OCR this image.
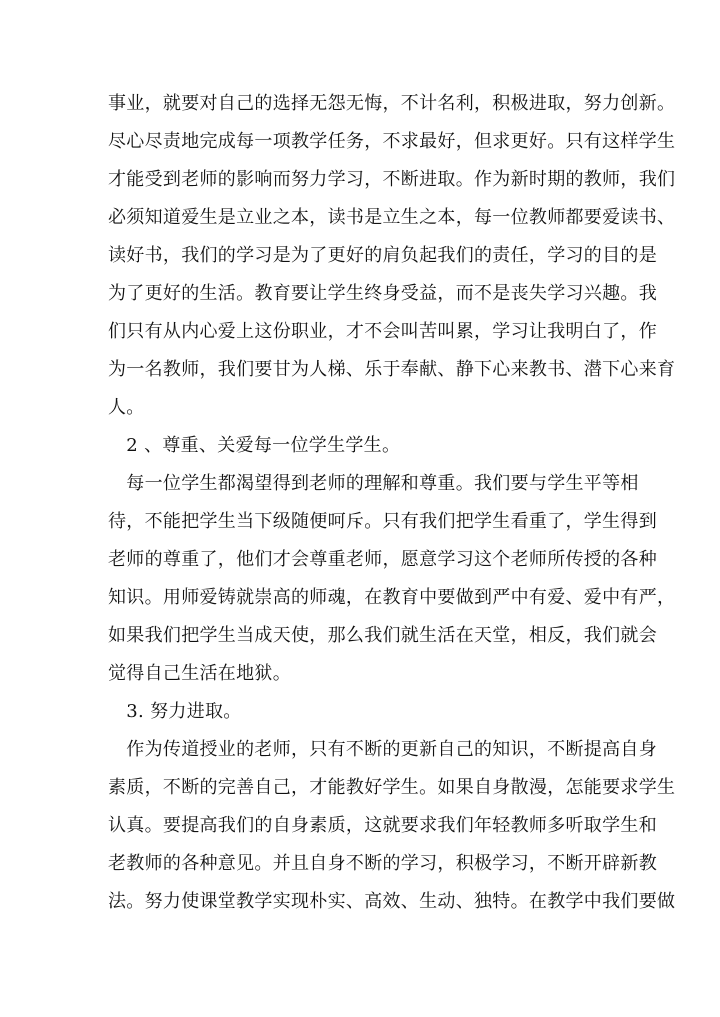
事业，就要对自己的选择无怨无悔，不计名利，积极进取，努力创新。
尽心尽责地完成每一项教学任务，不求最好，但求更好。只有这样学生
才能受到老师的影响而努力学习，不断进取。作为新时期的教师，我们
必须知道爱生是立业之本，读书是立生之本，每一位教师都要爱读书、
读好书，我们的学习是为了更好的肩负起我们的责任，学习的目的是
为了更好的生活。教育要让学生终身受益，而不是丧失学习兴趣。我
们只有从内心爱上这份职业，才不会叫苦叫累，学习让我明白了，作
为一名教师，我们要甘为人梯、乐于奉献、静下心来教书、潜下心来育
人。
　2 、尊重、关爱每一位学生学生。
　每一位学生都渴望得到老师的理解和尊重。我们要与学生平等相
待，不能把学生当下级随便呵斥。只有我们把学生看重了，学生得到
老师的尊重了，他们才会尊重老师，愿意学习这个老师所传授的各种
知识。用师爱铸就崇高的师魂，在教育中要做到严中有爱、爱中有严，
如果我们把学生当成天使，那么我们就生活在天堂，相反，我们就会
觉得自己生活在地狱。
　3. 努力进取。
　作为传道授业的老师，只有不断的更新自己的知识，不断提高自身
素质，不断的完善自己，才能教好学生。如果自身散漫，怎能要求学生
认真。要提高我们的自身素质，这就要求我们年轻教师多听取学生和
老教师的各种意见。并且自身不断的学习，积极学习，不断开辟新教
法。努力使课堂教学实现朴实、高效、生动、独特。在教学中我们要做
